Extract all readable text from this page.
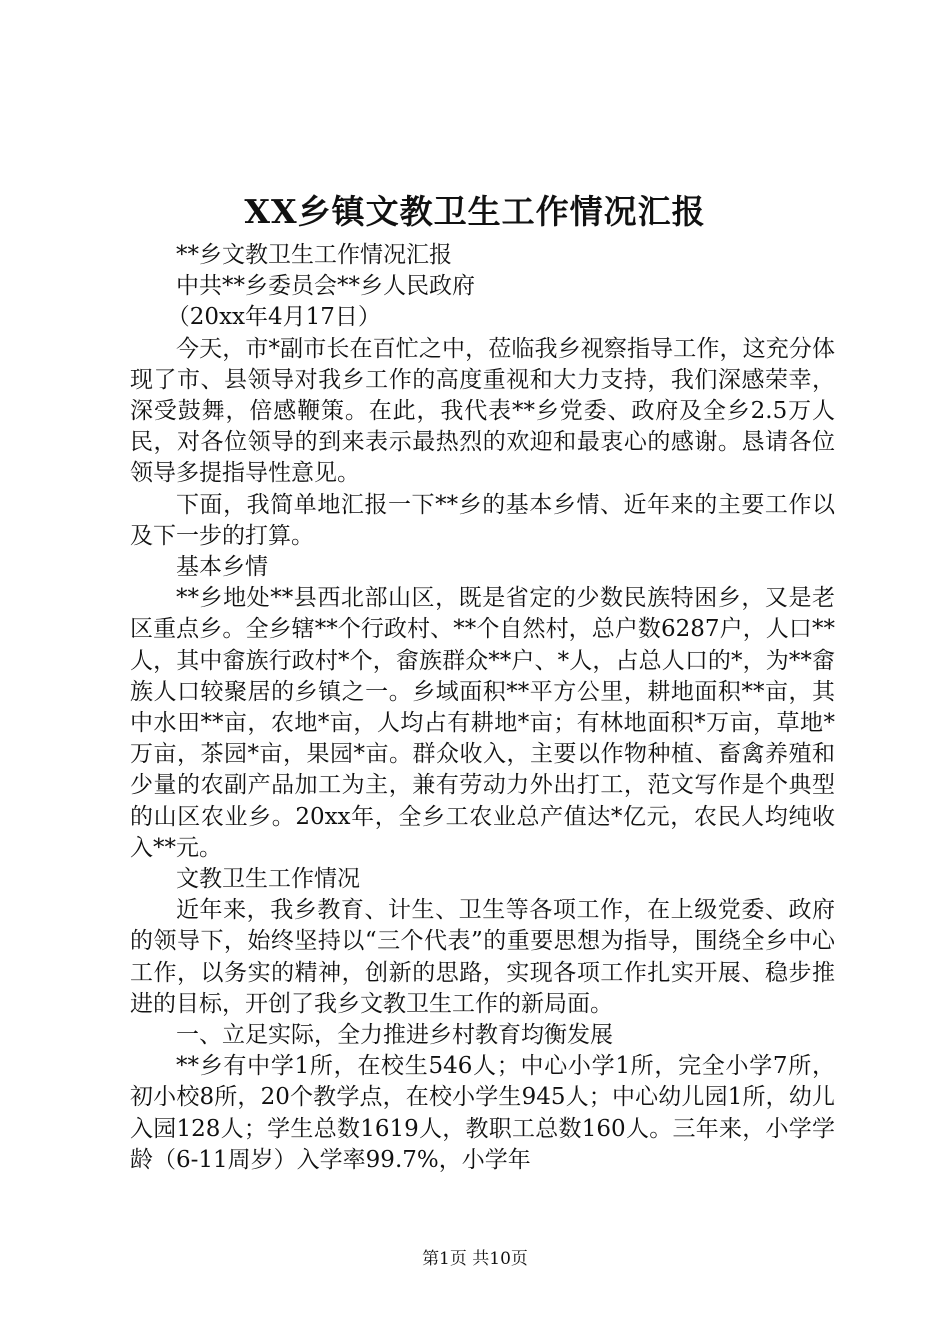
XX乡镇文教卫生工作情况汇报

**乡文教卫生工作情况汇报

中共**乡委员会**乡人民政府

（20xx年4月17日）

今天，市*副市长在百忙之中，莅临我乡视察指导工作，这充分体现了市、县领导对我乡工作的高度重视和大力支持，我们深感荣幸，深受鼓舞，倍感鞭策。在此，我代表**乡党委、政府及全乡2.5万人民，对各位领导的到来表示最热烈的欢迎和最衷心的感谢。恳请各位领导多提指导性意见。

下面，我简单地汇报一下**乡的基本乡情、近年来的主要工作以及下一步的打算。

基本乡情

**乡地处**县西北部山区，既是省定的少数民族特困乡，又是老区重点乡。全乡辖**个行政村、**个自然村，总户数6287户，人口**人，其中畲族行政村*个，畲族群众**户、*人，占总人口的*，为**畲族人口较聚居的乡镇之一。乡域面积**平方公里，耕地面积**亩，其中水田**亩，农地*亩，人均占有耕地*亩；有林地面积*万亩，草地*万亩，茶园*亩，果园*亩。群众收入，主要以作物种植、畜禽养殖和少量的农副产品加工为主，兼有劳动力外出打工，范文写作是个典型的山区农业乡。20xx年，全乡工农业总产值达*亿元，农民人均纯收入**元。

文教卫生工作情况

近年来，我乡教育、计生、卫生等各项工作，在上级党委、政府的领导下，始终坚持以“三个代表”的重要思想为指导，围绕全乡中心工作，以务实的精神，创新的思路，实现各项工作扎实开展、稳步推进的目标，开创了我乡文教卫生工作的新局面。

一、立足实际，全力推进乡村教育均衡发展

**乡有中学1所，在校生546人；中心小学1所，完全小学7所，初小校8所，20个教学点，在校小学生945人；中心幼儿园1所，幼儿入园128人；学生总数1619人，教职工总数160人。三年来，小学学龄（6-11周岁）入学率99.7%，小学年

第1页 共10页
